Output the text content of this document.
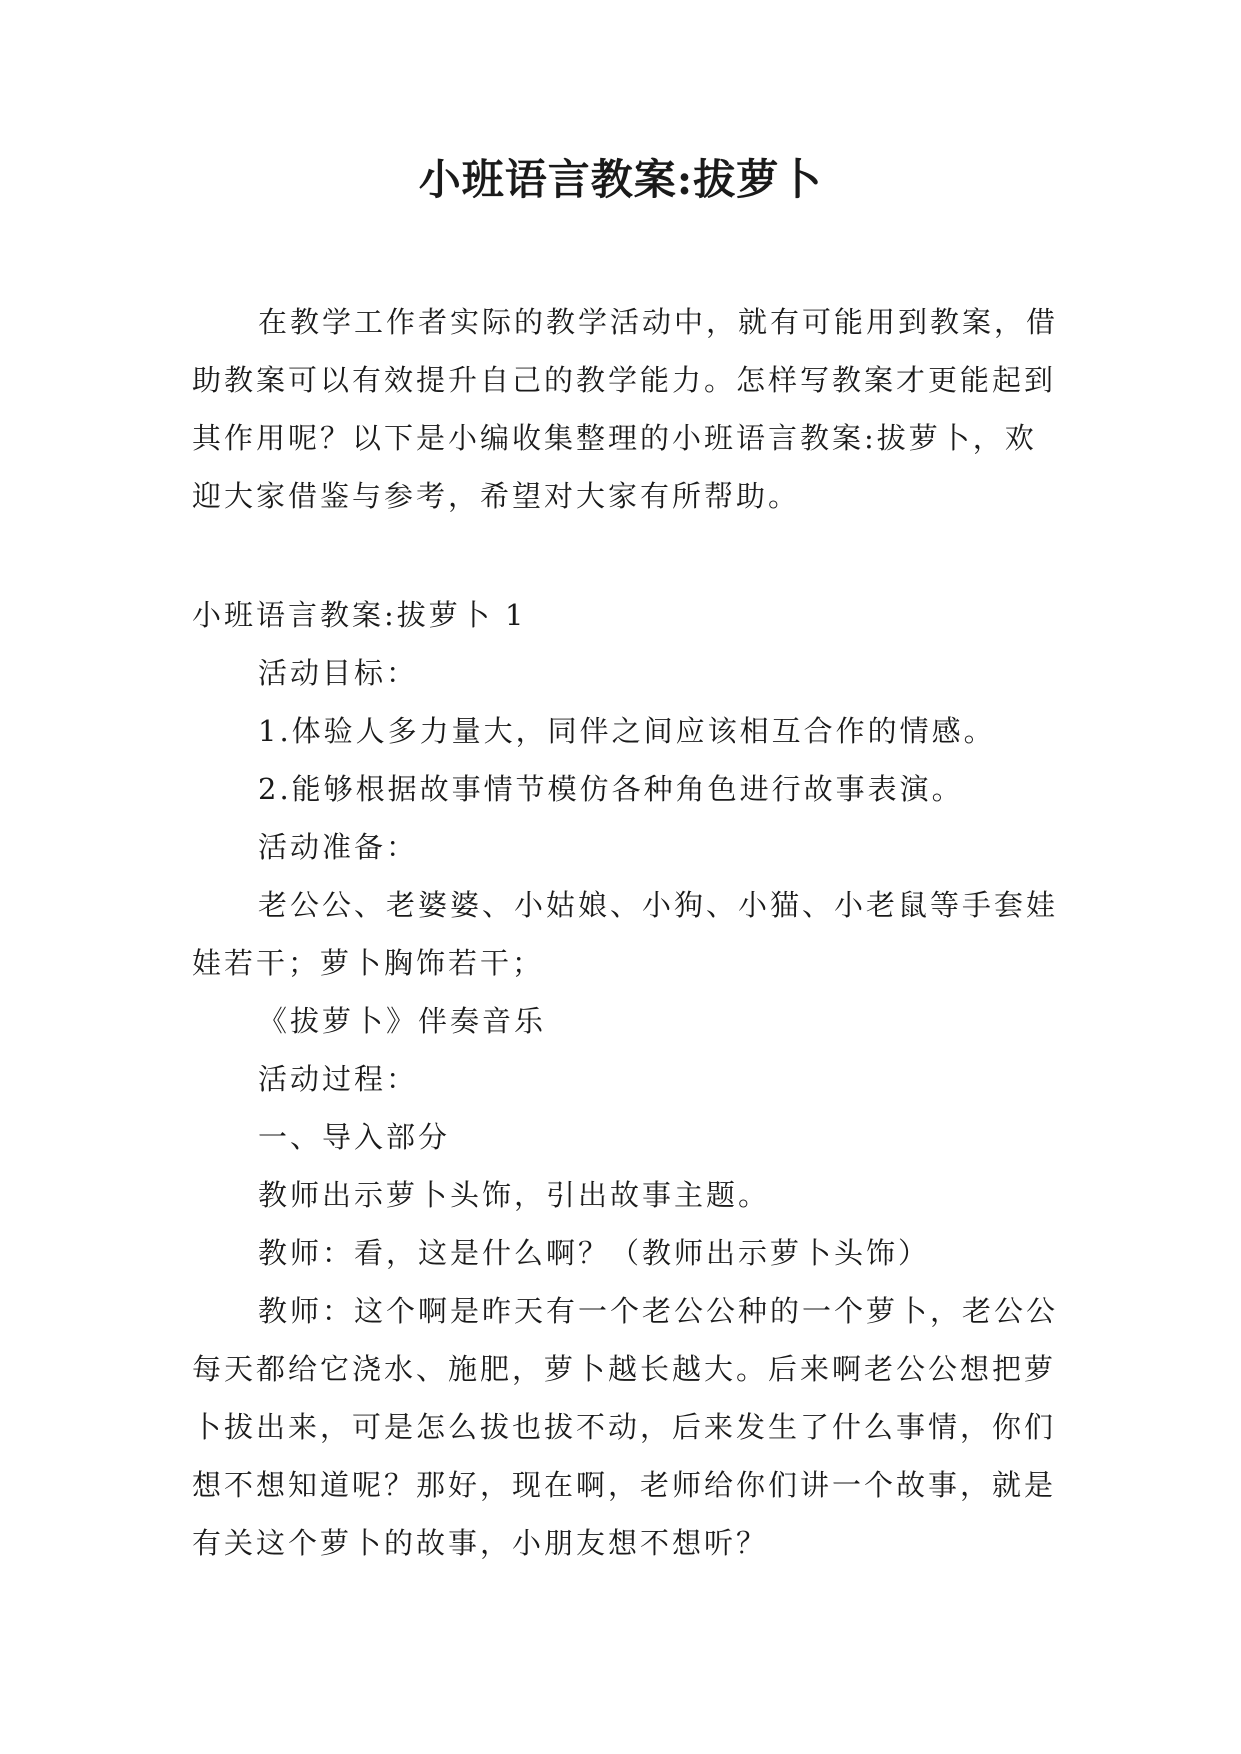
小班语言教案:拔萝卜

在教学工作者实际的教学活动中，就有可能用到教案，借助教案可以有效提升自己的教学能力。怎样写教案才更能起到其作用呢？以下是小编收集整理的小班语言教案:拔萝卜，欢迎大家借鉴与参考，希望对大家有所帮助。

小班语言教案:拔萝卜 1

活动目标：

1.体验人多力量大，同伴之间应该相互合作的情感。

2.能够根据故事情节模仿各种角色进行故事表演。

活动准备：

老公公、老婆婆、小姑娘、小狗、小猫、小老鼠等手套娃娃若干；萝卜胸饰若干；

《拔萝卜》伴奏音乐

活动过程：

一、导入部分

教师出示萝卜头饰，引出故事主题。

教师：看，这是什么啊？（教师出示萝卜头饰）

教师：这个啊是昨天有一个老公公种的一个萝卜，老公公每天都给它浇水、施肥，萝卜越长越大。后来啊老公公想把萝卜拔出来，可是怎么拔也拔不动，后来发生了什么事情，你们想不想知道呢？那好，现在啊，老师给你们讲一个故事，就是有关这个萝卜的故事，小朋友想不想听？
